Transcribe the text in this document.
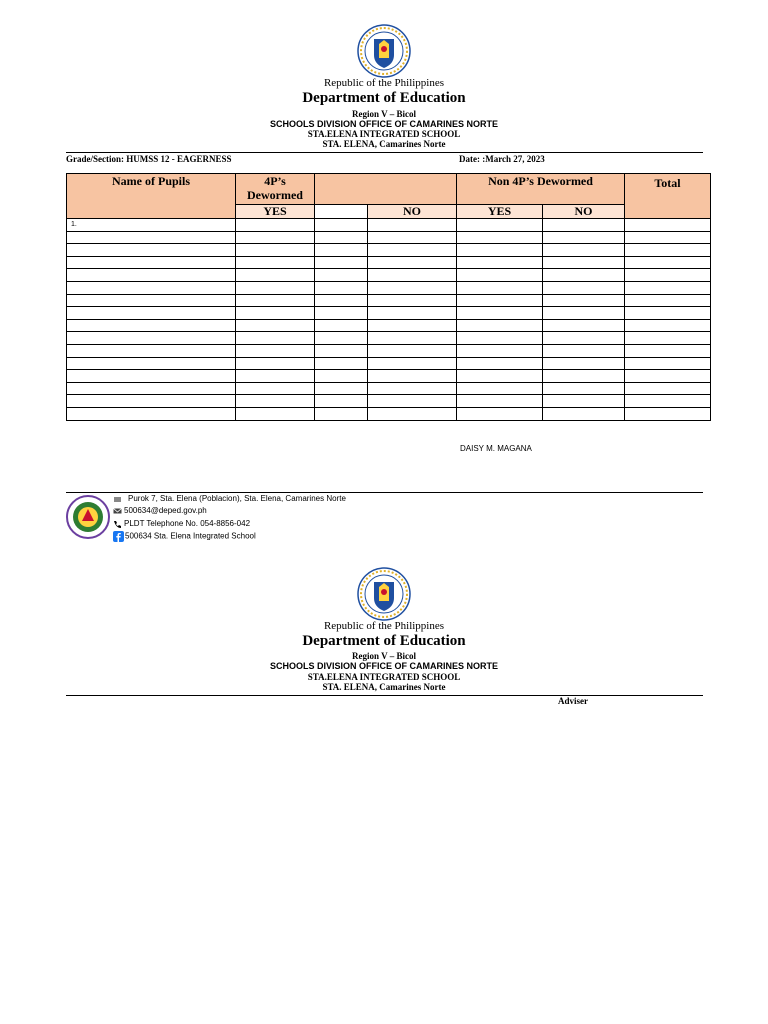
Republic of the Philippines
Department of Education
Region V – Bicol
SCHOOLS DIVISION OFFICE OF CAMARINES NORTE
STA.ELENA INTEGRATED SCHOOL
STA. ELENA, Camarines Norte
Grade/Section: HUMSS 12 - EAGERNESS	Date: :March 27, 2023
Name of Pupils	4P’s Dewormed			Non 4P’s Dewormed		Total
	YES		NO	YES	NO	
1.						

DAISY M. MAGANA
Purok 7, Sta. Elena (Poblacion), Sta. Elena, Camarines Norte
500634@deped.gov.ph
PLDT Telephone No. 054-8856-042
500634 Sta. Elena Integrated School
Republic of the Philippines
Department of Education
Region V – Bicol
SCHOOLS DIVISION OFFICE OF CAMARINES NORTE
STA.ELENA INTEGRATED SCHOOL
STA. ELENA, Camarines Norte
Adviser
